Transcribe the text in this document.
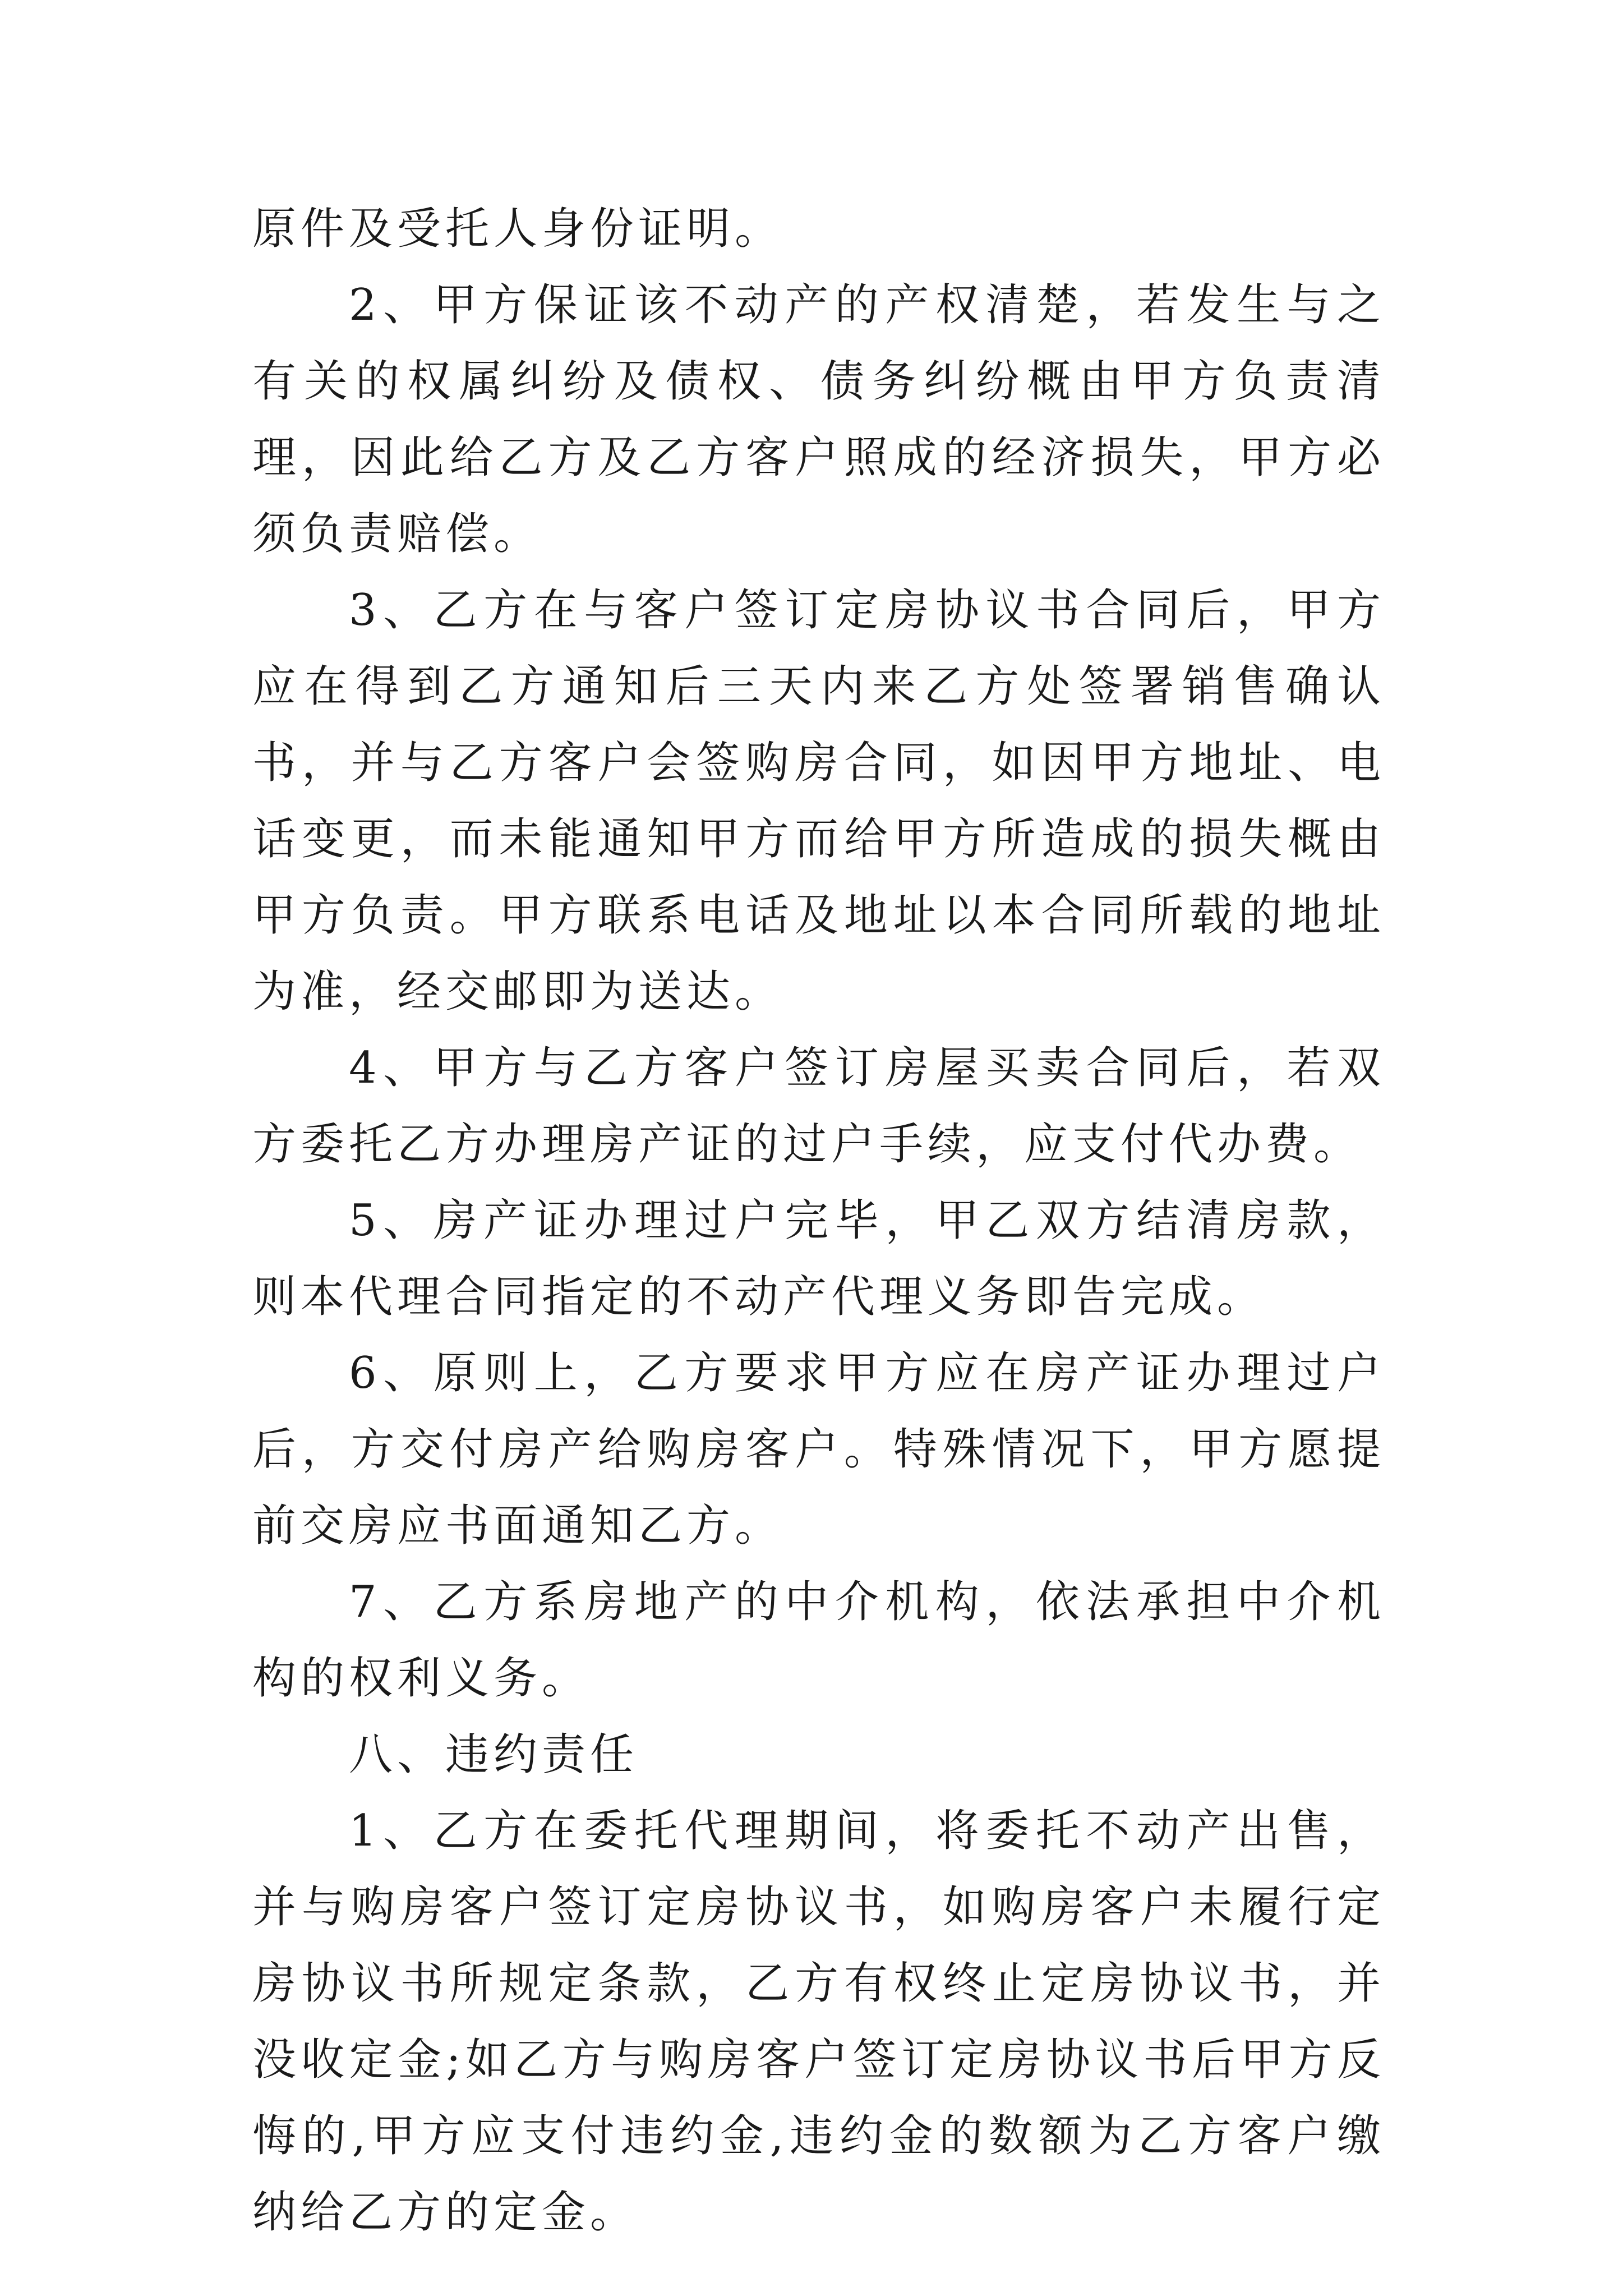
原件及受托人身份证明。

2、甲方保证该不动产的产权清楚，若发生与之有关的权属纠纷及债权、债务纠纷概由甲方负责清理，因此给乙方及乙方客户照成的经济损失，甲方必须负责赔偿。

3、乙方在与客户签订定房协议书合同后，甲方应在得到乙方通知后三天内来乙方处签署销售确认书，并与乙方客户会签购房合同，如因甲方地址、电话变更，而未能通知甲方而给甲方所造成的损失概由甲方负责。甲方联系电话及地址以本合同所载的地址为准，经交邮即为送达。

4、甲方与乙方客户签订房屋买卖合同后，若双方委托乙方办理房产证的过户手续，应支付代办费。

5、房产证办理过户完毕，甲乙双方结清房款，则本代理合同指定的不动产代理义务即告完成。

6、原则上，乙方要求甲方应在房产证办理过户后，方交付房产给购房客户。特殊情况下，甲方愿提前交房应书面通知乙方。

7、乙方系房地产的中介机构，依法承担中介机构的权利义务。

八、违约责任

1、乙方在委托代理期间，将委托不动产出售，并与购房客户签订定房协议书，如购房客户未履行定房协议书所规定条款，乙方有权终止定房协议书，并没收定金;如乙方与购房客户签订定房协议书后甲方反悔的,甲方应支付违约金,违约金的数额为乙方客户缴纳给乙方的定金。
